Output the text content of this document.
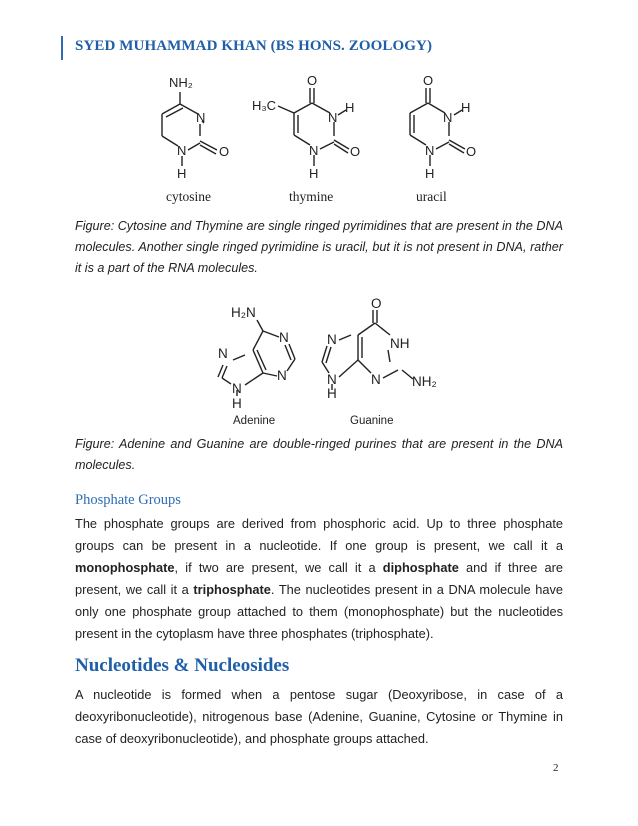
SYED MUHAMMAD KHAN (BS HONS. ZOOLOGY)
NH₂
N
N	O
H
O
H₃C
N
H
N O
H
O
N
H
N O
H
cytosine	thymine	uracil
Figure: Cytosine and Thymine are single ringed pyrimidines that are present in the DNA molecules. Another single ringed pyrimidine is uracil, but it is not present in DNA, rather it is a part of the RNA molecules.
H₂N
N
N
N
N
H
O
NH
N NH₂
N
N
H
Adenine	Guanine
Figure: Adenine and Guanine are double-ringed purines that are present in the DNA molecules.
Phosphate Groups
The phosphate groups are derived from phosphoric acid. Up to three phosphate groups can be present in a nucleotide. If one group is present, we call it a monophosphate, if two are present, we call it a diphosphate and if three are present, we call it a triphosphate. The nucleotides present in a DNA molecule have only one phosphate group attached to them (monophosphate) but the nucleotides present in the cytoplasm have three phosphates (triphosphate).
Nucleotides & Nucleosides
A nucleotide is formed when a pentose sugar (Deoxyribose, in case of a deoxyribonucleotide), nitrogenous base (Adenine, Guanine, Cytosine or Thymine in case of deoxyribonucleotide), and phosphate groups attached.
2
